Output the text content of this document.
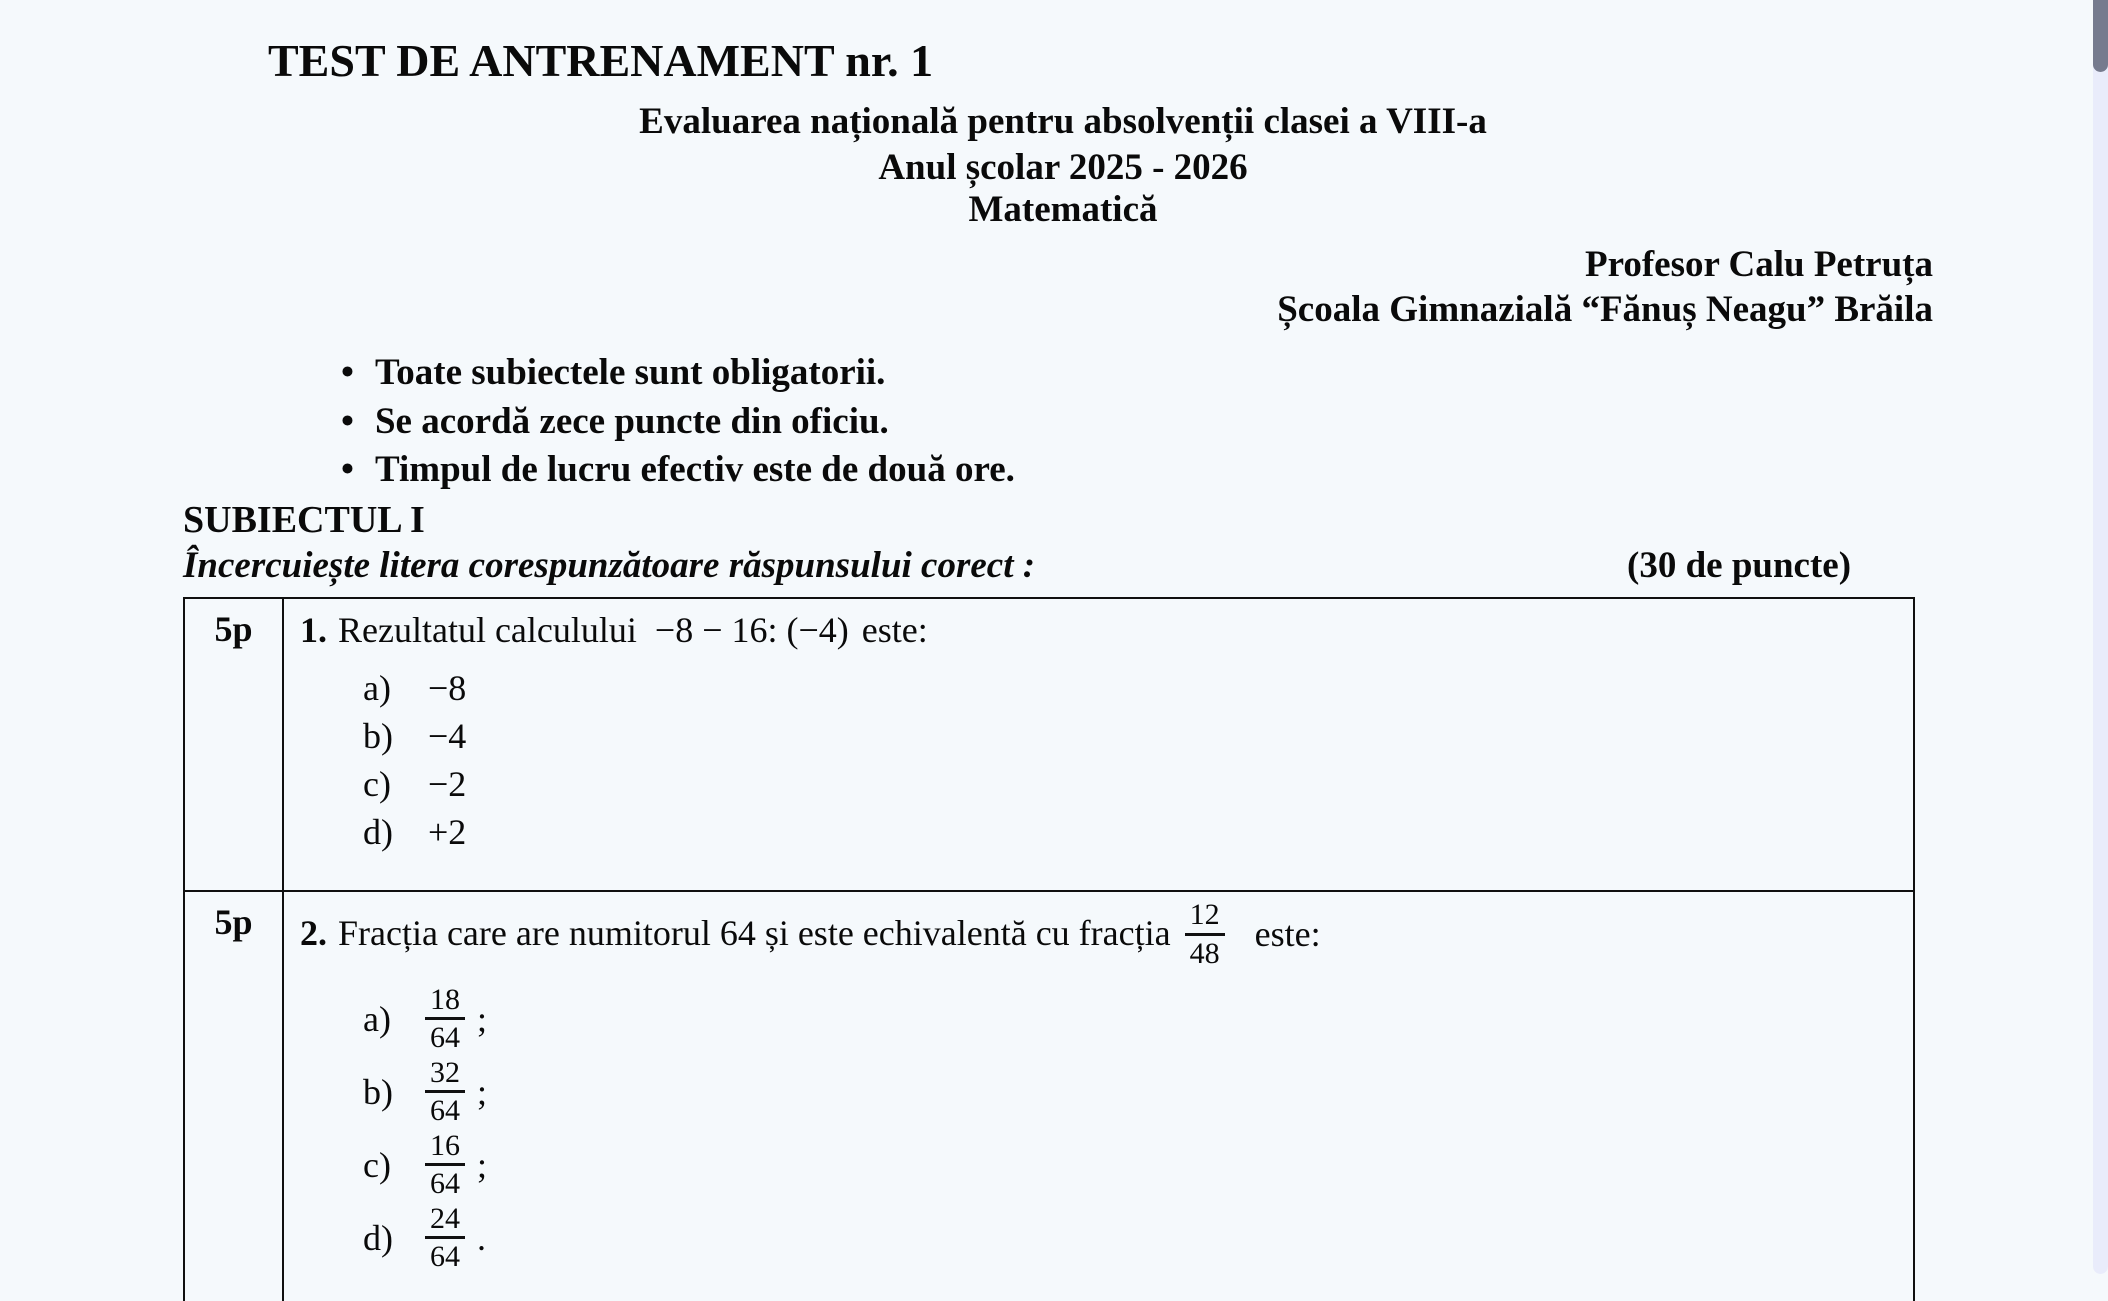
TEST DE ANTRENAMENT nr. 1
Evaluarea națională pentru absolvenții clasei a VIII-a
Anul școlar 2025 - 2026
Matematică
Profesor Calu Petruța
Școala Gimnazială “Fănuș Neagu” Brăila
• Toate subiectele sunt obligatorii.
• Se acordă zece puncte din oficiu.
• Timpul de lucru efectiv este de două ore.
SUBIECTUL I
Încercuiește litera corespunzătoare răspunsului corect :	(30 de puncte)
5p	1. Rezultatul calculului −8 − 16: (−4) este:
a)	−8
b) −4
c)	−2
d) +2
5p	2. Fracția care are numitorul 64 și este echivalentă cu fracția $\frac{12}{48}$ este:
a)	$\frac{18}{64}$ ;
b)	$\frac{32}{64}$ ;
c)	$\frac{16}{64}$ ;
d)	$\frac{24}{64}$ .
